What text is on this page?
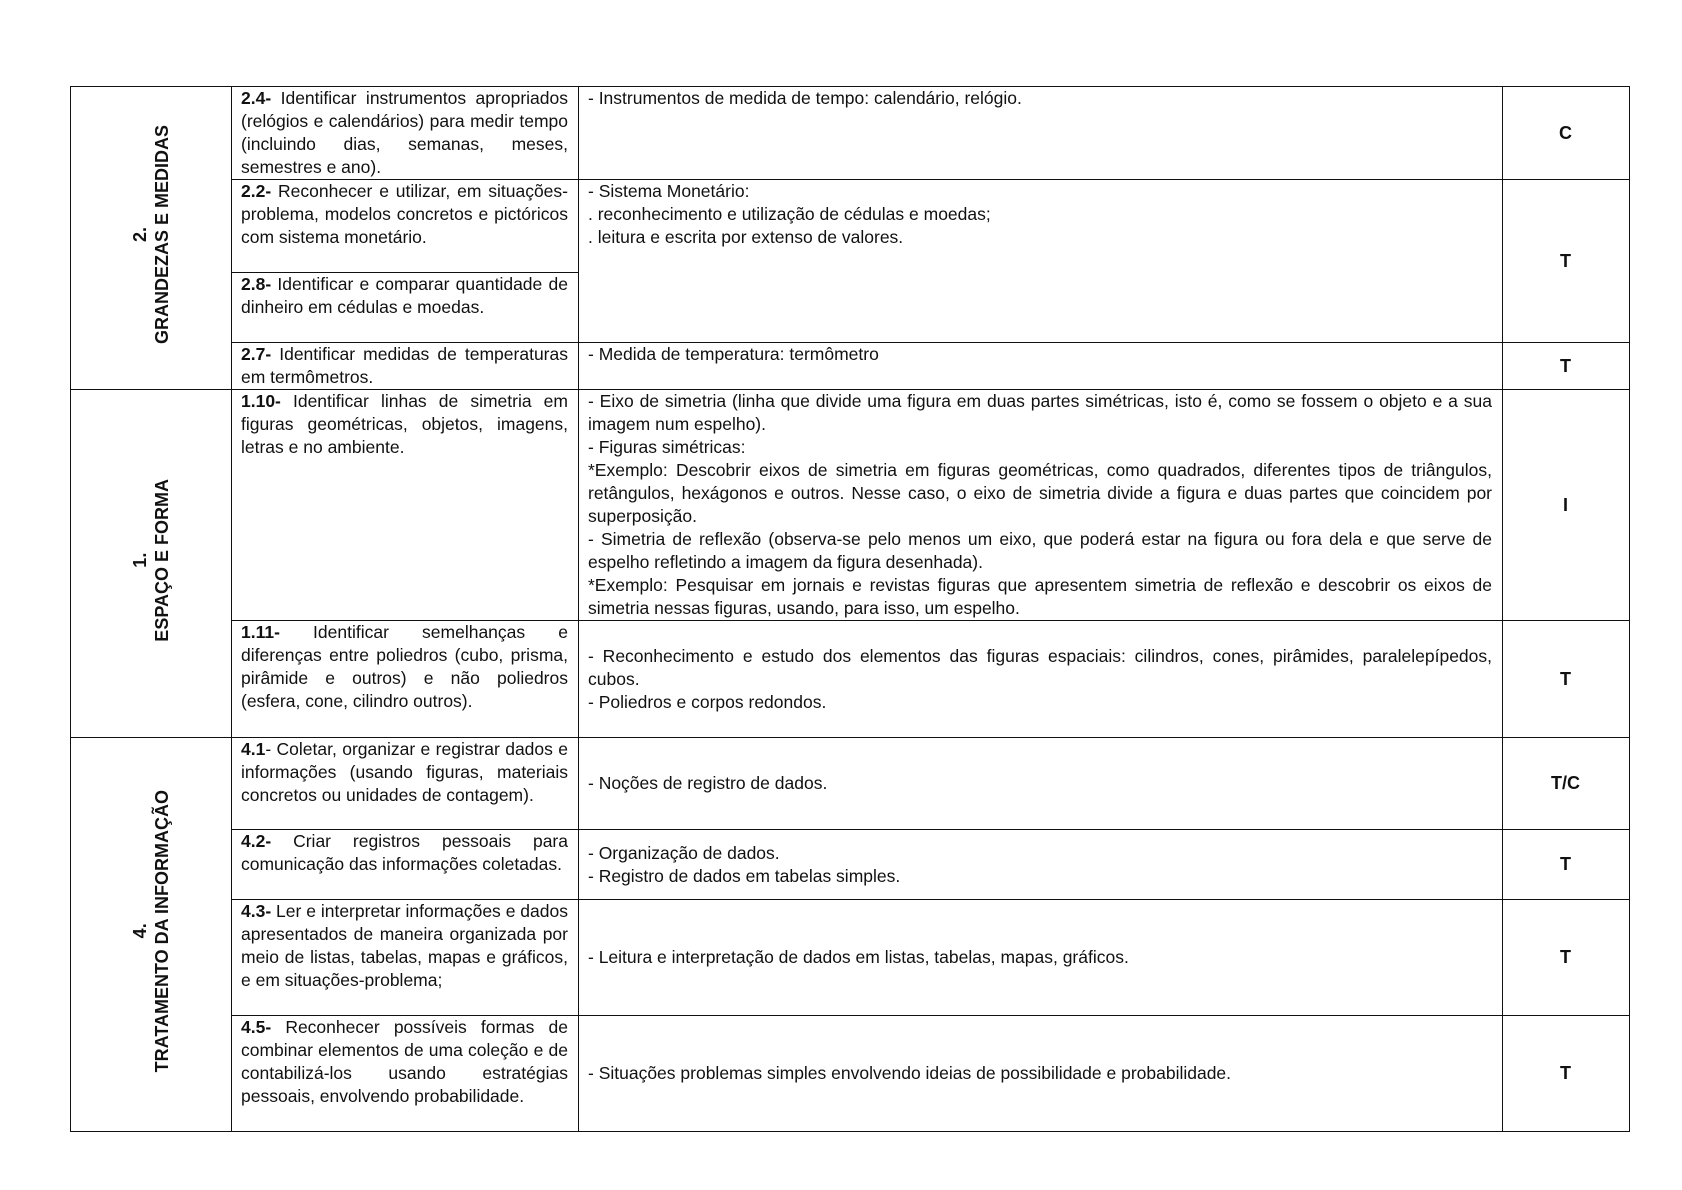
2. GRANDEZAS E MEDIDAS	2.4- Identificar instrumentos apropriados (relógios e calendários) para medir tempo (incluindo dias, semanas, meses, semestres e ano).	- Instrumentos de medida de tempo: calendário, relógio.	C
	2.2- Reconhecer e utilizar, em situações-problema, modelos concretos e pictóricos com sistema monetário.	- Sistema Monetário:
. reconhecimento e utilização de cédulas e moedas;
. leitura e escrita por extenso de valores.	T
	2.8- Identificar e comparar quantidade de dinheiro em cédulas e moedas.		
	2.7- Identificar medidas de temperaturas em termômetros.	- Medida de temperatura: termômetro	T

1. ESPAÇO E FORMA	1.10- Identificar linhas de simetria em figuras geométricas, objetos, imagens, letras e no ambiente.	- Eixo de simetria (linha que divide uma figura em duas partes simétricas, isto é, como se fossem o objeto e a sua imagem num espelho).
- Figuras simétricas:
*Exemplo: Descobrir eixos de simetria em figuras geométricas, como quadrados, diferentes tipos de triângulos, retângulos, hexágonos e outros. Nesse caso, o eixo de simetria divide a figura e duas partes que coincidem por superposição.
- Simetria de reflexão (observa-se pelo menos um eixo, que poderá estar na figura ou fora dela e que serve de espelho refletindo a imagem da figura desenhada).
*Exemplo: Pesquisar em jornais e revistas figuras que apresentem simetria de reflexão e descobrir os eixos de simetria nessas figuras, usando, para isso, um espelho.	I
	1.11- Identificar semelhanças e diferenças entre poliedros (cubo, prisma, pirâmide e outros) e não poliedros (esfera, cone, cilindro outros).	- Reconhecimento e estudo dos elementos das figuras espaciais: cilindros, cones, pirâmides, paralelepípedos, cubos.
- Poliedros e corpos redondos.	T

4. TRATAMENTO DA INFORMAÇÃO	4.1- Coletar, organizar e registrar dados e informações (usando figuras, materiais concretos ou unidades de contagem).	- Noções de registro de dados.	T/C
	4.2- Criar registros pessoais para comunicação das informações coletadas.	- Organização de dados.
- Registro de dados em tabelas simples.	T
	4.3- Ler e interpretar informações e dados apresentados de maneira organizada por meio de listas, tabelas, mapas e gráficos, e em situações-problema;	- Leitura e interpretação de dados em listas, tabelas, mapas, gráficos.	T
	4.5- Reconhecer possíveis formas de combinar elementos de uma coleção e de contabilizá-los usando estratégias pessoais, envolvendo probabilidade.	- Situações problemas simples envolvendo ideias de possibilidade e probabilidade.	T
